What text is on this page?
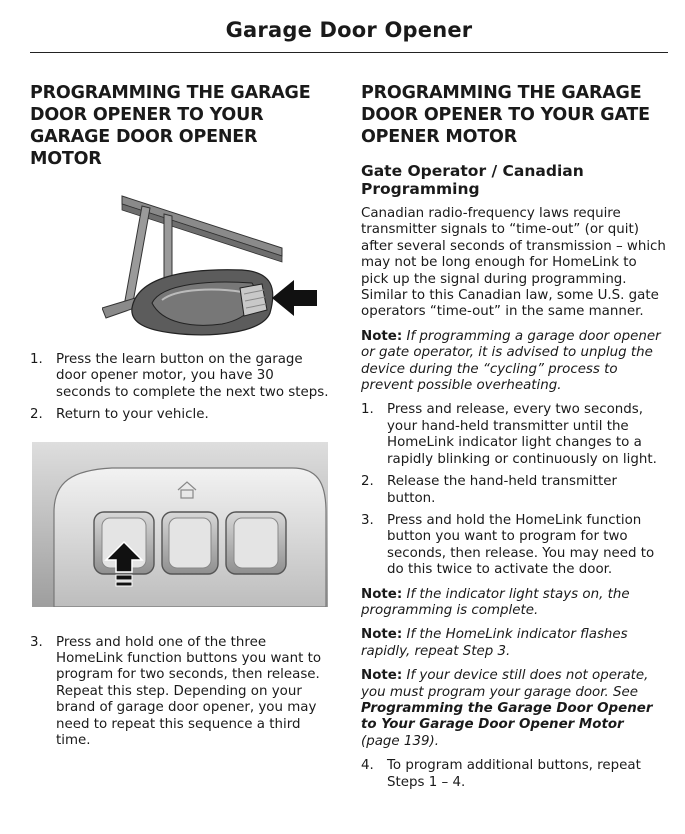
Garage Door Opener
PROGRAMMING THE GARAGE DOOR OPENER TO YOUR GARAGE DOOR OPENER MOTOR
1. Press the learn button on the garage door opener motor, you have 30 seconds to complete the next two steps.
2. Return to your vehicle.
3. Press and hold one of the three HomeLink function buttons you want to program for two seconds, then release. Repeat this step. Depending on your brand of garage door opener, you may need to repeat this sequence a third time.
PROGRAMMING THE GARAGE DOOR OPENER TO YOUR GATE OPENER MOTOR
Gate Operator / Canadian Programming

Canadian radio-frequency laws require transmitter signals to “time-out” (or quit) after several seconds of transmission – which may not be long enough for HomeLink to pick up the signal during programming. Similar to this Canadian law, some U.S. gate operators “time-out” in the same manner.

Note: If programming a garage door opener or gate operator, it is advised to unplug the device during the “cycling” process to prevent possible overheating.

1. Press and release, every two seconds, your hand-held transmitter until the HomeLink indicator light changes to a rapidly blinking or continuously on light.
2. Release the hand-held transmitter button.
3. Press and hold the HomeLink function button you want to program for two seconds, then release. You may need to do this twice to activate the door.

Note: If the indicator light stays on, the programming is complete.

Note: If the HomeLink indicator flashes rapidly, repeat Step 3.

Note: If your device still does not operate, you must program your garage door. See Programming the Garage Door Opener to Your Garage Door Opener Motor (page 139).

4. To program additional buttons, repeat Steps 1 – 4.
